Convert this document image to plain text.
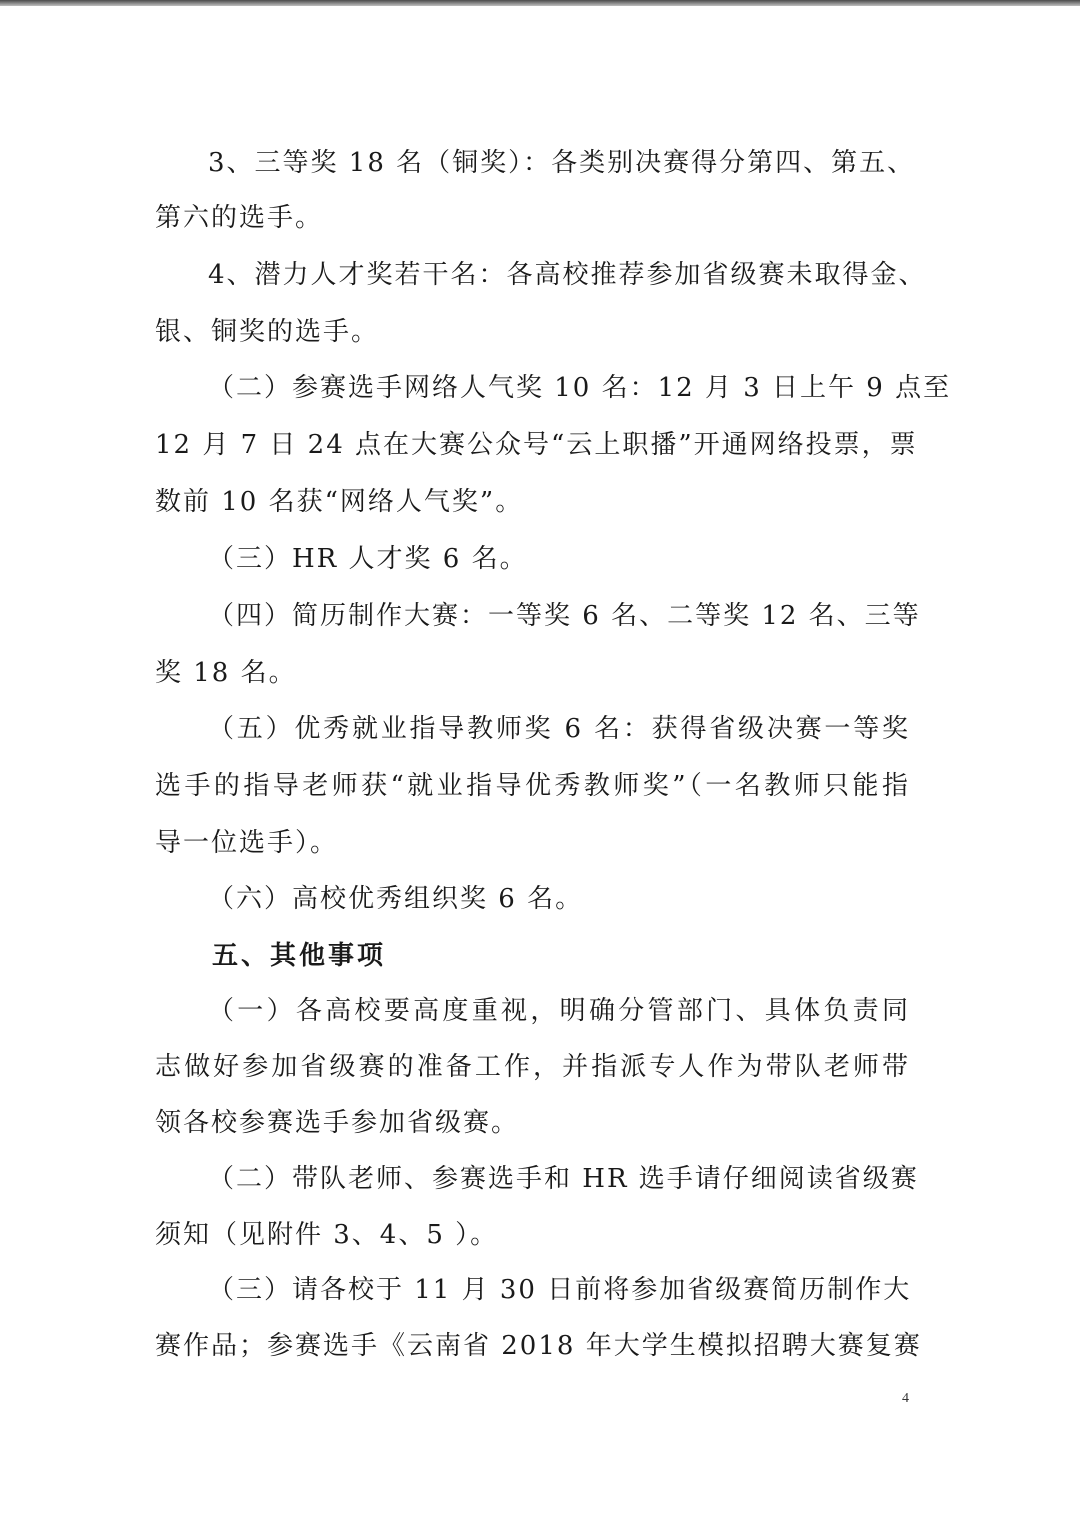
3、三等奖 18 名（铜奖）：各类别决赛得分第四、第五、

第六的选手。

4、潜力人才奖若干名：各高校推荐参加省级赛未取得金、

银、铜奖的选手。

（二）参赛选手网络人气奖 10 名：12 月 3 日上午 9 点至

12 月 7 日 24 点在大赛公众号“云上职播”开通网络投票，票

数前 10 名获“网络人气奖”。

（三）HR 人才奖 6 名。

（四）简历制作大赛：一等奖 6 名、二等奖 12 名、三等

奖 18 名。

（五）优秀就业指导教师奖 6 名：获得省级决赛一等奖

选手的指导老师获“就业指导优秀教师奖”（一名教师只能指

导一位选手）。

（六）高校优秀组织奖 6 名。

五、其他事项

（一）各高校要高度重视，明确分管部门、具体负责同

志做好参加省级赛的准备工作，并指派专人作为带队老师带

领各校参赛选手参加省级赛。

（二）带队老师、参赛选手和 HR 选手请仔细阅读省级赛

须知（见附件 3、4、5 ）。

（三）请各校于 11 月 30 日前将参加省级赛简历制作大

赛作品；参赛选手《云南省 2018 年大学生模拟招聘大赛复赛

4
